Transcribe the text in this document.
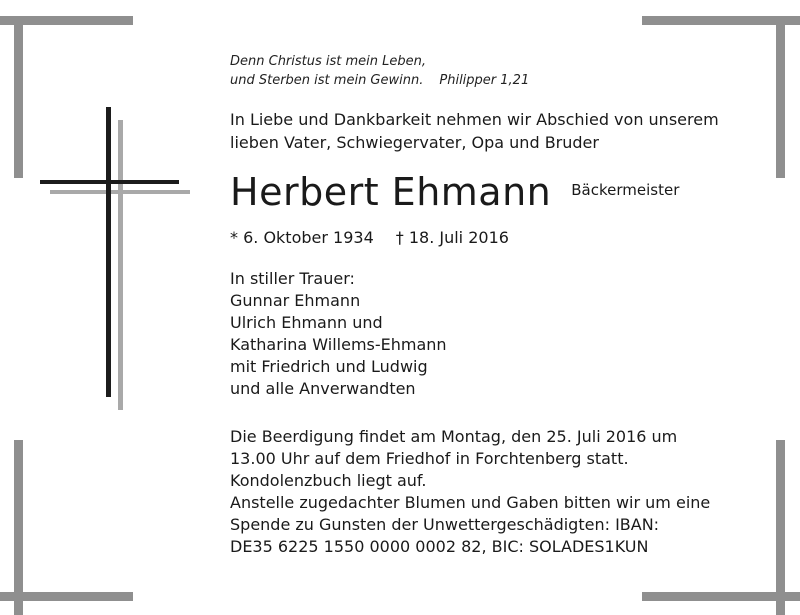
Denn Christus ist mein Leben,
und Sterben ist mein Gewinn. Philipper 1,21
In Liebe und Dankbarkeit nehmen wir Abschied von unserem
lieben Vater, Schwiegervater, Opa und Bruder
Herbert Ehmann Bäckermeister
* 6. Oktober 1934 † 18. Juli 2016
In stiller Trauer:
Gunnar Ehmann
Ulrich Ehmann und
Katharina Willems-Ehmann
mit Friedrich und Ludwig
und alle Anverwandten
Die Beerdigung findet am Montag, den 25. Juli 2016 um
13.00 Uhr auf dem Friedhof in Forchtenberg statt.
Kondolenzbuch liegt auf.
Anstelle zugedachter Blumen und Gaben bitten wir um eine
Spende zu Gunsten der Unwettergeschädigten: IBAN:
DE35 6225 1550 0000 0002 82, BIC: SOLADES1KUN
